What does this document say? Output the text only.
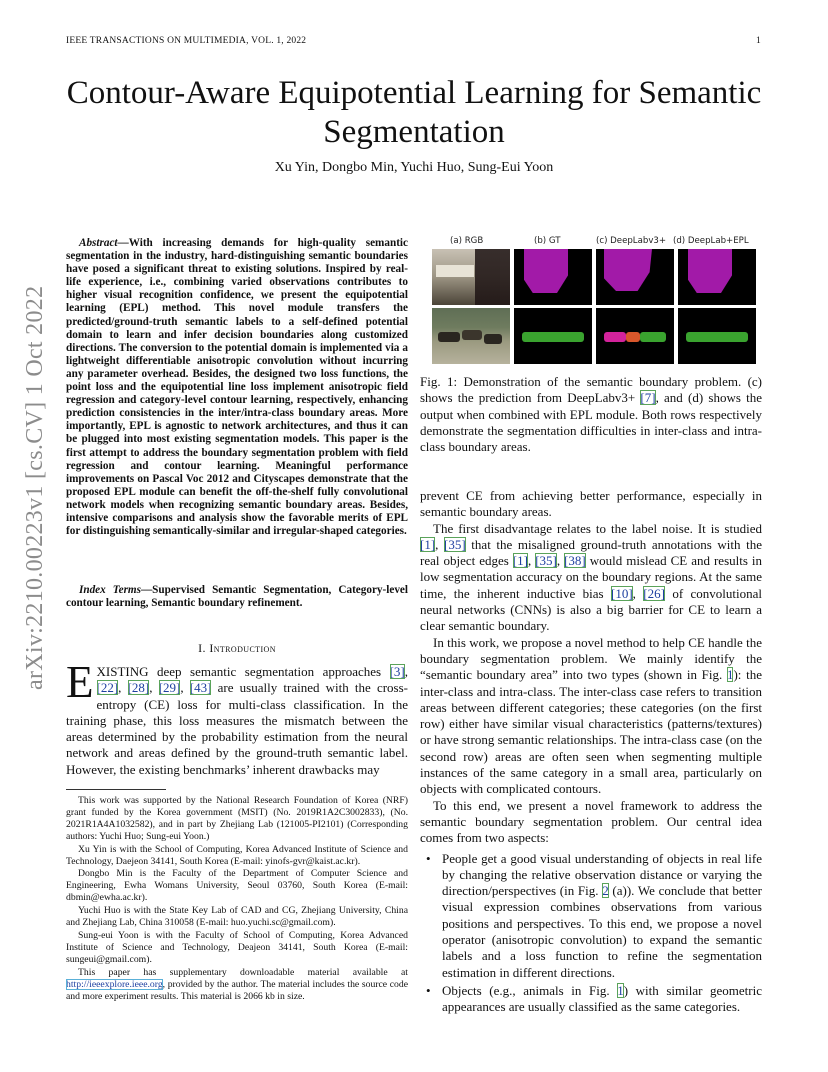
IEEE TRANSACTIONS ON MULTIMEDIA, VOL. 1, 2022	1
Contour-Aware Equipotential Learning for Semantic Segmentation
Xu Yin, Dongbo Min, Yuchi Huo, Sung-Eui Yoon
arXiv:2210.00223v1 [cs.CV] 1 Oct 2022

Abstract—With increasing demands for high-quality semantic segmentation in the industry, hard-distinguishing semantic boundaries have posed a significant threat to existing solutions. Inspired by real-life experience, i.e., combining varied observations contributes to higher visual recognition confidence, we present the equipotential learning (EPL) method. This novel module transfers the predicted/ground-truth semantic labels to a self-defined potential domain to learn and infer decision boundaries along customized directions. The conversion to the potential domain is implemented via a lightweight differentiable anisotropic convolution without incurring any parameter overhead. Besides, the designed two loss functions, the point loss and the equipotential line loss implement anisotropic field regression and category-level contour learning, respectively, enhancing prediction consistencies in the inter/intra-class boundary areas. More importantly, EPL is agnostic to network architectures, and thus it can be plugged into most existing segmentation models. This paper is the first attempt to address the boundary segmentation problem with field regression and contour learning. Meaningful performance improvements on Pascal Voc 2012 and Cityscapes demonstrate that the proposed EPL module can benefit the off-the-shelf fully convolutional network models when recognizing semantic boundary areas. Besides, intensive comparisons and analysis show the favorable merits of EPL for distinguishing semantically-similar and irregular-shaped categories.

Index Terms—Supervised Semantic Segmentation, Category-level contour learning, Semantic boundary refinement.

I. Introduction

EXISTING deep semantic segmentation approaches [3], [22], [28], [29], [43] are usually trained with the cross-entropy (CE) loss for multi-class classification. In the training phase, this loss measures the mismatch between the areas determined by the probability estimation from the neural network and areas defined by the ground-truth semantic label. However, the existing benchmarks’ inherent drawbacks may

This work was supported by the National Research Foundation of Korea (NRF) grant funded by the Korea government (MSIT) (No. 2019R1A2C3002833), (No. 2021R1A4A1032582), and in part by Zhejiang Lab (121005-PI2101) (Corresponding authors: Yuchi Huo; Sung-eui Yoon.)

Xu Yin is with the School of Computing, Korea Advanced Institute of Science and Technology, Daejeon 34141, South Korea (E-mail: yinofs-gvr@kaist.ac.kr).

Dongbo Min is the Faculty of the Department of Computer Science and Engineering, Ewha Womans University, Seoul 03760, South Korea (E-mail: dbmin@ewha.ac.kr).

Yuchi Huo is with the State Key Lab of CAD and CG, Zhejiang University, China and Zhejiang Lab, China 310058 (E-mail: huo.yuchi.sc@gmail.com).

Sung-eui Yoon is with the Faculty of School of Computing, Korea Advanced Institute of Science and Technology, Deajeon 34141, South Korea (E-mail: sungeui@gmail.com).

This paper has supplementary downloadable material available at http://ieeexplore.ieee.org, provided by the author. The material includes the source code and more experiment results. This material is 2066 kb in size.

(a) RGB	(b) GT	(c) DeepLabv3+ (d) DeepLab+EPL

Fig. 1: Demonstration of the semantic boundary problem. (c) shows the prediction from DeepLabv3+ [7], and (d) shows the output when combined with EPL module. Both rows respectively demonstrate the segmentation difficulties in inter-class and intra-class boundary areas.

prevent CE from achieving better performance, especially in semantic boundary areas.

The first disadvantage relates to the label noise. It is studied [1], [35] that the misaligned ground-truth annotations with the real object edges [1], [35], [38] would mislead CE and results in low segmentation accuracy on the boundary regions. At the same time, the inherent inductive bias [10], [26] of convolutional neural networks (CNNs) is also a big barrier for CE to learn a clear semantic boundary.

In this work, we propose a novel method to help CE handle the boundary segmentation problem. We mainly identify the “semantic boundary area” into two types (shown in Fig. 1): the inter-class and intra-class. The inter-class case refers to transition areas between different categories; these categories (on the first row) either have similar visual characteristics (patterns/textures) or have strong semantic relationships. The intra-class case (on the second row) areas are often seen when segmenting multiple instances of the same category in a small area, particularly on objects with complicated contours.

To this end, we present a novel framework to address the semantic boundary segmentation problem. Our central idea comes from two aspects:

• People get a good visual understanding of objects in real life by changing the relative observation distance or varying the direction/perspectives (in Fig. 2 (a)). We conclude that better visual expression combines observations from various positions and perspectives. To this end, we propose a novel operator (anisotropic convolution) to expand the semantic labels and a loss function to refine the segmentation estimation in different directions.
• Objects (e.g., animals in Fig. 1) with similar geometric appearances are usually classified as the same categories.
